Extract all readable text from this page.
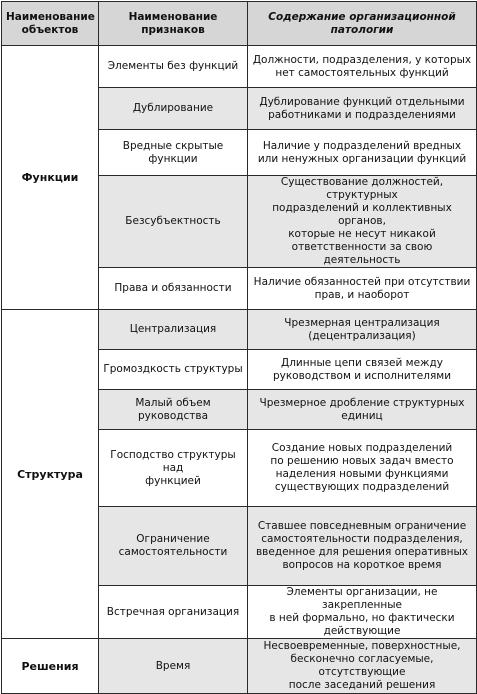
Наименование
объектов	Наименование
признаков	Содержание организационной
патологии

Функции	Элементы без функций	Должности, подразделения, у которых
нет самостоятельных функций

	Дублирование	Дублирование функций отдельными
работниками и подразделениями

	Вредные скрытые
функции	Наличие у подразделений вредных
или ненужных организации функций

	Безсубъектность	Существование должностей, структурных
подразделений и коллективных органов,
которые не несут никакой
ответственности за свою деятельность

	Права и обязанности	Наличие обязанностей при отсутствии
прав, и наоборот

Структура	Централизация	Чрезмерная централизация
(децентрализация)

	Громоздкость структуры	Длинные цепи связей между
руководством и исполнителями

	Малый объем руководства	Чрезмерное дробление структурных
единиц

	Господство структуры над
функцией	Создание новых подразделений
по решению новых задач вместо
наделения новыми функциями
существующих подразделений

	Ограничение
самостоятельности	Ставшее повседневным ограничение
самостоятельности подразделения,
введенное для решения оперативных
вопросов на короткое время

	Встречная организация	Элементы организации, не закрепленные
в ней формально, но фактически
действующие

Решения	Время	Несвоевременные, поверхностные,
бесконечно согласуемые, отсутствующие
после заседаний решения
